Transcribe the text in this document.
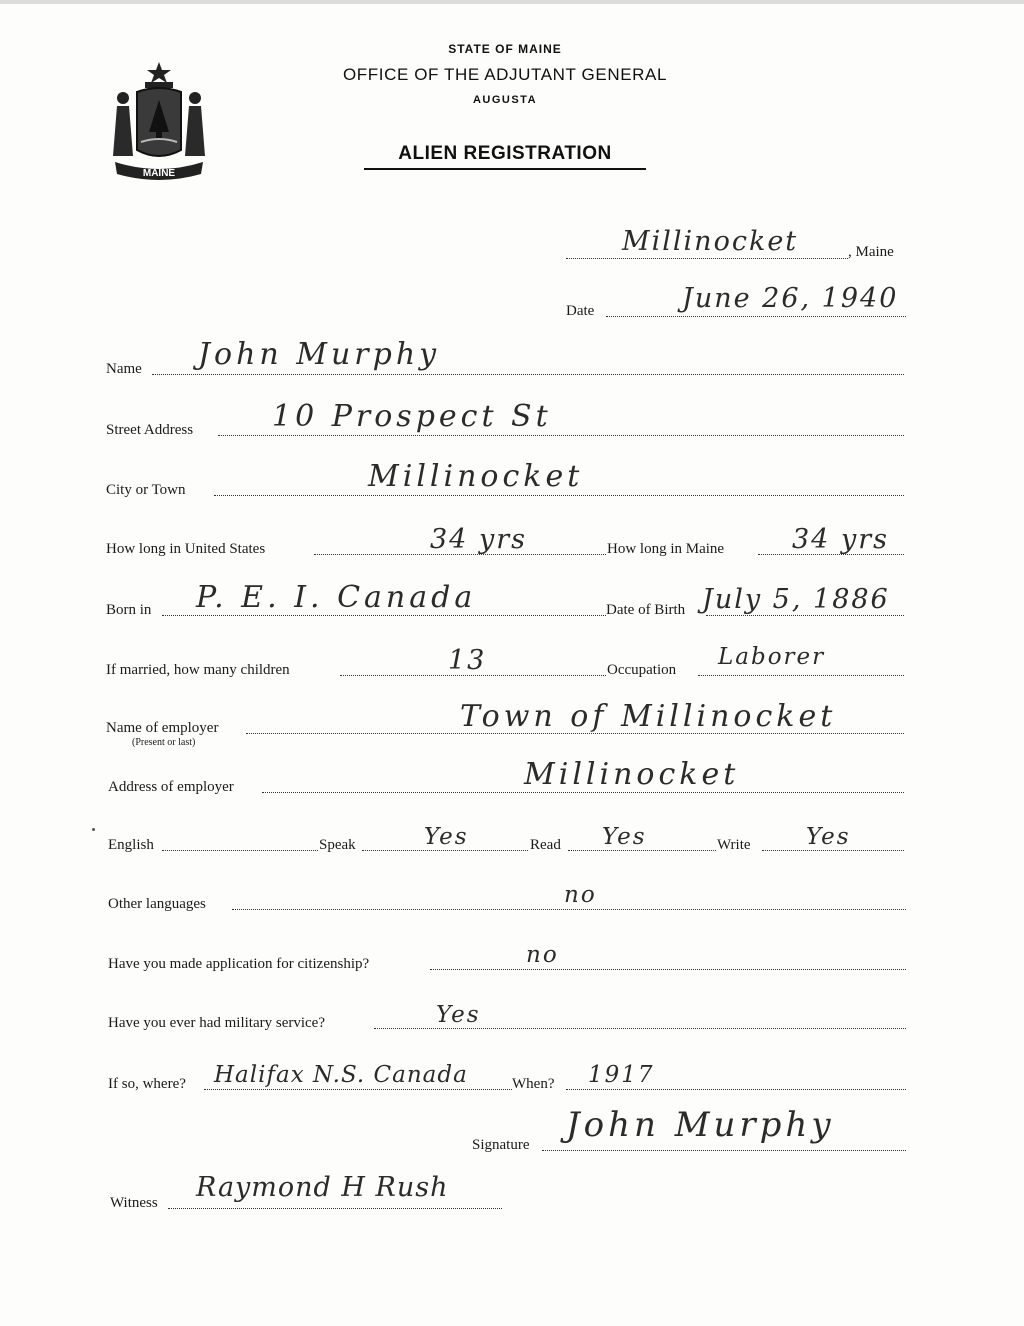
MAINE
STATE OF MAINE
OFFICE OF THE ADJUTANT GENERAL
AUGUSTA
ALIEN REGISTRATION
Millinocket	, Maine
Date	June 26, 1940
Name John Murphy
Street Address	10 Prospect St
City or Town	Millinocket
How long in United States	34 yrs	How long in Maine	34 yrs
Born in P. E. I. Canada	Date of Birth July 5, 1886
If married, how many children	13	Occupation Laborer
Name of employer
(Present or last)
Town of Millinocket
Address of employer	Millinocket
English	Speak	Yes	Read Yes	Write Yes
Other languages	no
Have you made application for citizenship?	no
Have you ever had military service?	Yes
If so, where? Halifax N.S. Canada	When? 1917
Signature John Murphy
Witness Raymond H Rush
